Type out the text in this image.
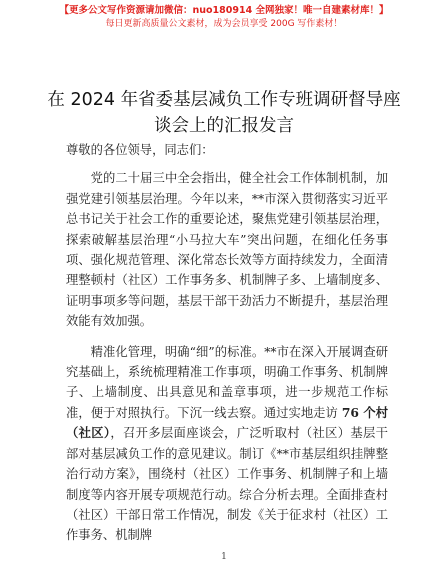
【更多公文写作资源请加微信：nuo180914 全网独家！唯一自建素材库！】
每日更新高质量公文素材，成为会员享受 200G 写作素材！
在 2024 年省委基层减负工作专班调研督导座谈会上的汇报发言

尊敬的各位领导，同志们：

党的二十届三中全会指出，健全社会工作体制机制，加强党建引领基层治理。今年以来，**市深入贯彻落实习近平总书记关于社会工作的重要论述，聚焦党建引领基层治理，探索破解基层治理“小马拉大车”突出问题，在细化任务事项、强化规范管理、深化常态长效等方面持续发力，全面清理整顿村（社区）工作事务多、机制牌子多、上墙制度多、证明事项多等问题，基层干部干劲活力不断提升，基层治理效能有效加强。

精准化管理，明确“细”的标准。**市在深入开展调查研究基础上，系统梳理精准工作事项，明确工作事务、机制牌子、上墙制度、出具意见和盖章事项，进一步规范工作标准，便于对照执行。下沉一线去察。通过实地走访 76 个村（社区），召开多层面座谈会，广泛听取村（社区）基层干部对基层减负工作的意见建议。制订《**市基层组织挂牌整治行动方案》，围绕村（社区）工作事务、机制牌子和上墙制度等内容开展专项规范行动。综合分析去理。全面排查村（社区）干部日常工作情况，制发《关于征求村（社区）工作事务、机制牌

1
